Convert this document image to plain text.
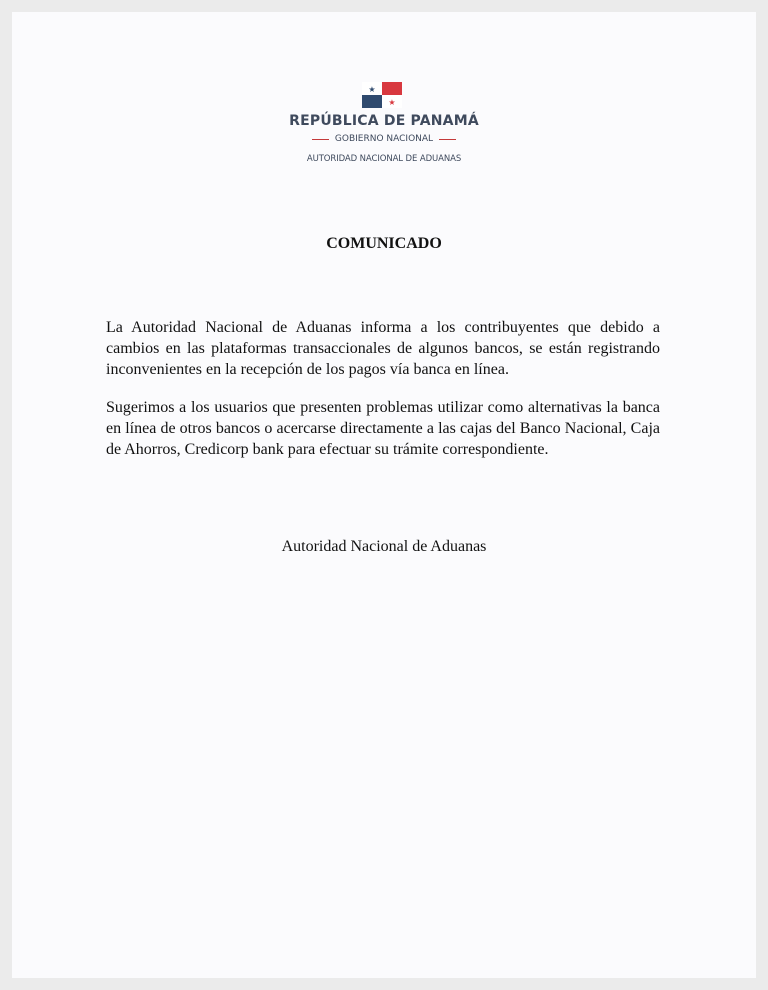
★
★
REPÚBLICA DE PANAMÁ
GOBIERNO NACIONAL
AUTORIDAD NACIONAL DE ADUANAS
COMUNICADO

La Autoridad Nacional de Aduanas informa a los contribuyentes que debido a cambios en las plataformas transaccionales de algunos bancos, se están registrando inconvenientes en la recepción de los pagos vía banca en línea.

Sugerimos a los usuarios que presenten problemas utilizar como alternativas la banca en línea de otros bancos o acercarse directamente a las cajas del Banco Nacional, Caja de Ahorros, Credicorp bank para efectuar su trámite correspondiente.

Autoridad Nacional de Aduanas
